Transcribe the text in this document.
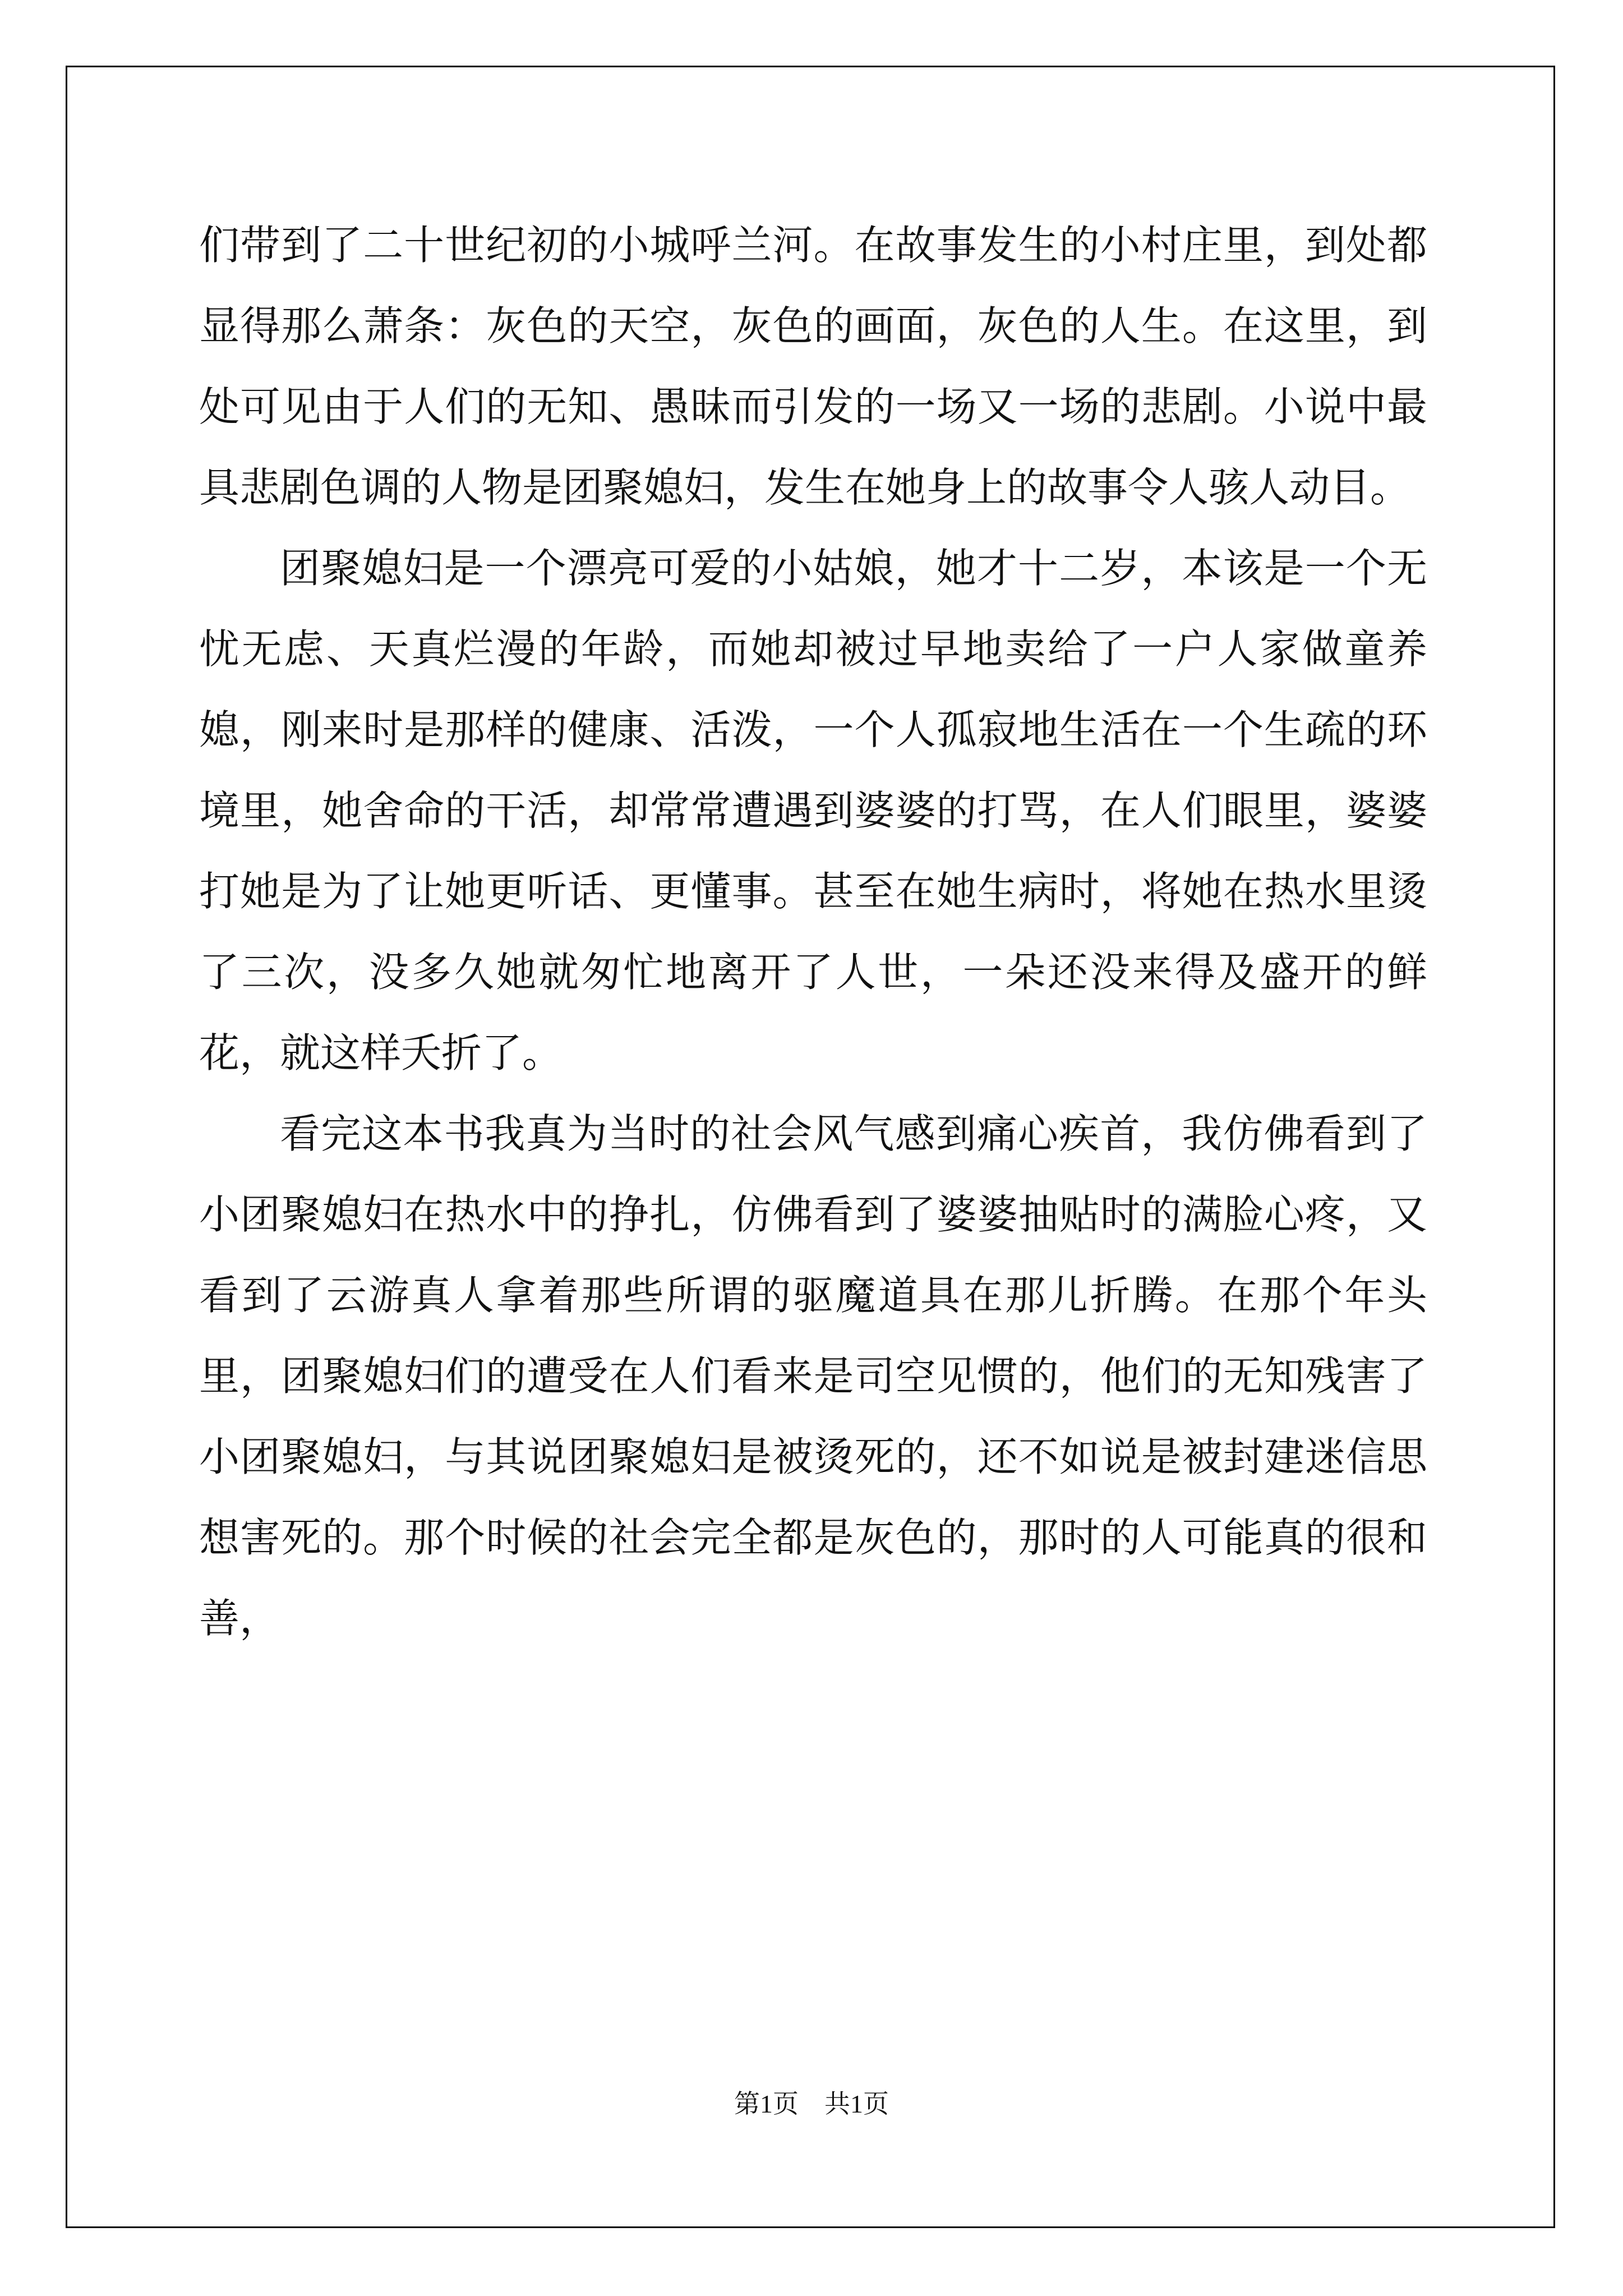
们带到了二十世纪初的小城呼兰河。在故事发生的小村庄里，到处都显得那么萧条：灰色的天空，灰色的画面，灰色的人生。在这里，到处可见由于人们的无知、愚昧而引发的一场又一场的悲剧。小说中最具悲剧色调的人物是团聚媳妇，发生在她身上的故事令人骇人动目。

团聚媳妇是一个漂亮可爱的小姑娘，她才十二岁，本该是一个无忧无虑、天真烂漫的年龄，而她却被过早地卖给了一户人家做童养媳，刚来时是那样的健康、活泼，一个人孤寂地生活在一个生疏的环境里，她舍命的干活，却常常遭遇到婆婆的打骂，在人们眼里，婆婆打她是为了让她更听话、更懂事。甚至在她生病时，将她在热水里烫了三次，没多久她就匆忙地离开了人世，一朵还没来得及盛开的鲜花，就这样夭折了。

看完这本书我真为当时的社会风气感到痛心疾首，我仿佛看到了小团聚媳妇在热水中的挣扎，仿佛看到了婆婆抽贴时的满脸心疼，又看到了云游真人拿着那些所谓的驱魔道具在那儿折腾。在那个年头里，团聚媳妇们的遭受在人们看来是司空见惯的，他们的无知残害了小团聚媳妇，与其说团聚媳妇是被烫死的，还不如说是被封建迷信思想害死的。那个时候的社会完全都是灰色的，那时的人可能真的很和善，

第1页　共1页
